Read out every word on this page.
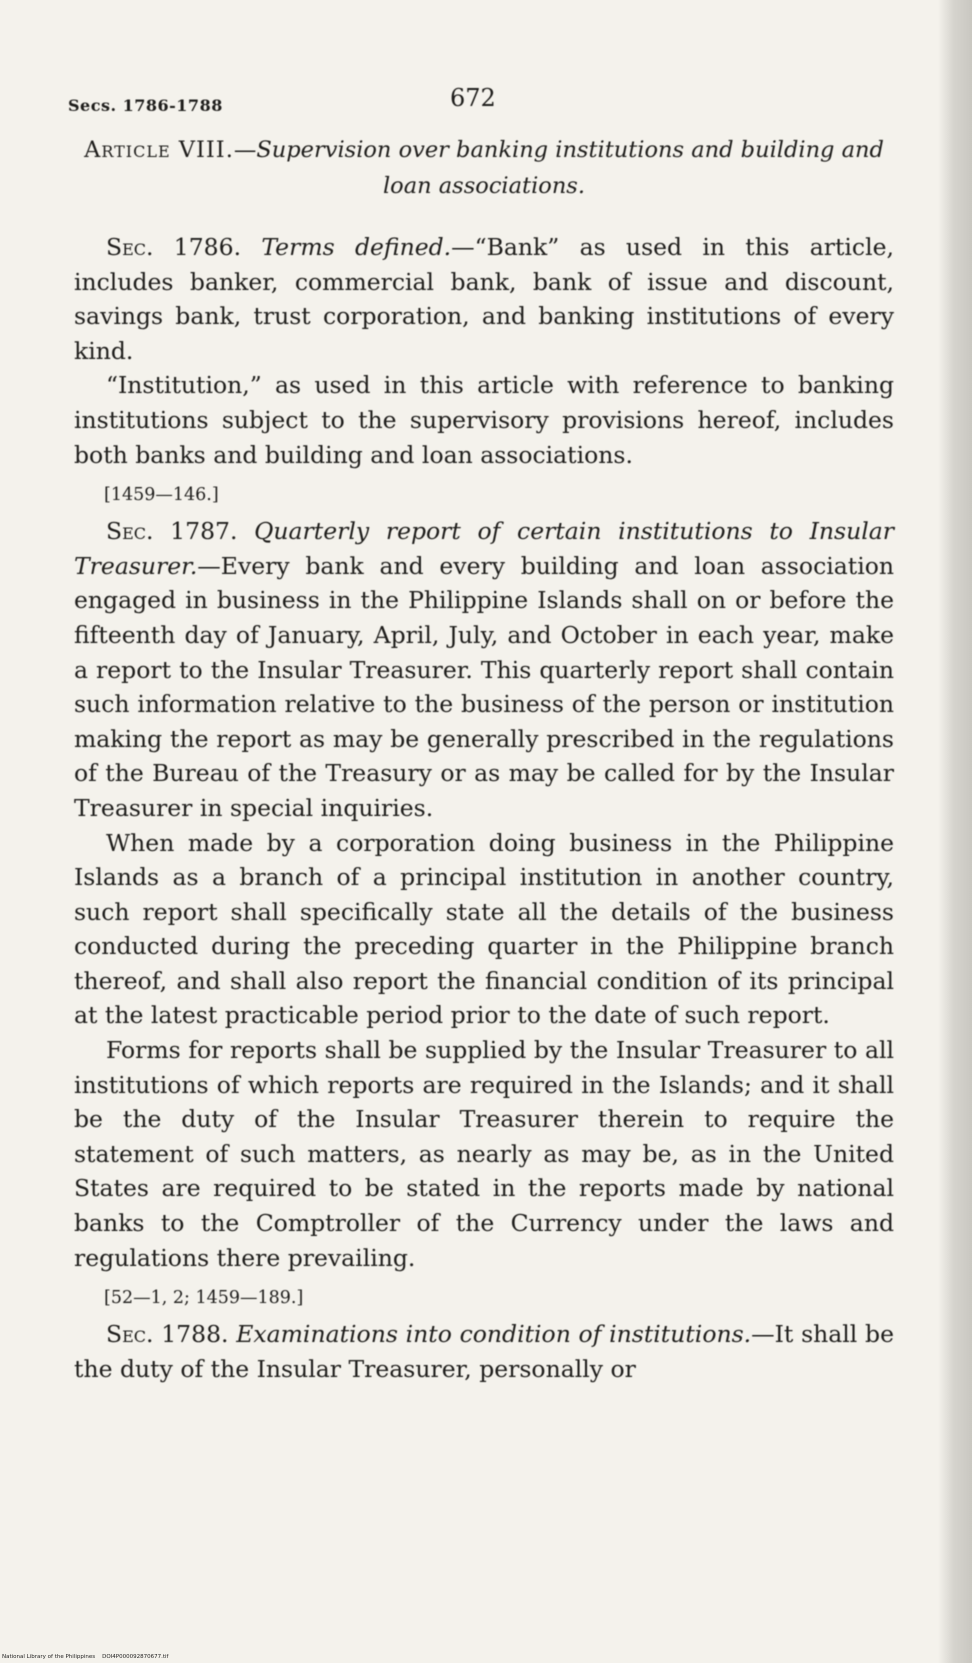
Secs. 1786-1788	672

Article VIII.—Supervision over banking institutions and building and loan associations.

Sec. 1786. Terms defined.—“Bank” as used in this article, includes banker, commercial bank, bank of issue and discount, savings bank, trust corporation, and banking institutions of every kind.

“Institution,” as used in this article with reference to banking institutions subject to the supervisory provisions hereof, includes both banks and building and loan associations.

[1459—146.]

Sec. 1787. Quarterly report of certain institutions to Insular Treasurer.—Every bank and every building and loan association engaged in business in the Philippine Islands shall on or before the fifteenth day of January, April, July, and October in each year, make a report to the Insular Treasurer. This quarterly report shall contain such information relative to the business of the person or institution making the report as may be generally prescribed in the regulations of the Bureau of the Treasury or as may be called for by the Insular Treasurer in special inquiries.

When made by a corporation doing business in the Philippine Islands as a branch of a principal institution in another country, such report shall specifically state all the details of the business conducted during the preceding quarter in the Philippine branch thereof, and shall also report the financial condition of its principal at the latest practicable period prior to the date of such report.

Forms for reports shall be supplied by the Insular Treasurer to all institutions of which reports are required in the Islands; and it shall be the duty of the Insular Treasurer therein to require the statement of such matters, as nearly as may be, as in the United States are required to be stated in the reports made by national banks to the Comptroller of the Currency under the laws and regulations there prevailing.

[52—1, 2; 1459—189.]

Sec. 1788. Examinations into condition of institutions.—It shall be the duty of the Insular Treasurer, personally or

National Library of the Philippines    DOI4P000092870677.tif
